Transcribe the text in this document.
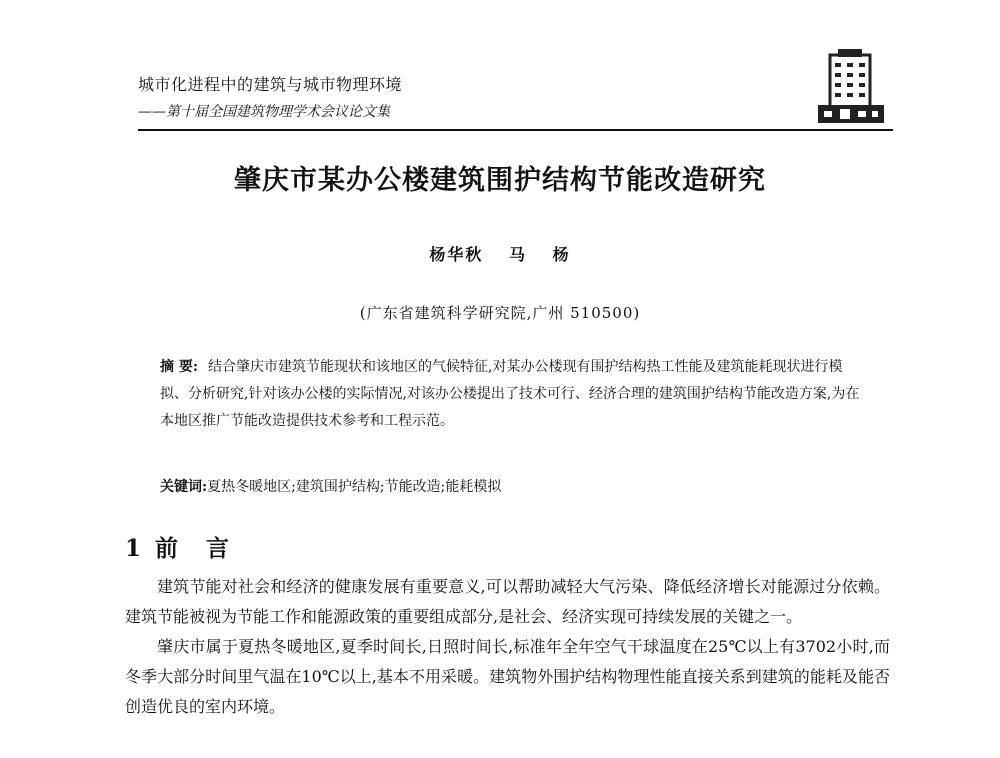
城市化进程中的建筑与城市物理环境
——第十届全国建筑物理学术会议论文集
肇庆市某办公楼建筑围护结构节能改造研究
杨华秋 马 杨
(广东省建筑科学研究院,广州 510500)
摘 要: 结合肇庆市建筑节能现状和该地区的气候特征,对某办公楼现有围护结构热工性能及建筑能耗现状进行模拟、分析研究,针对该办公楼的实际情况,对该办公楼提出了技术可行、经济合理的建筑围护结构节能改造方案,为在本地区推广节能改造提供技术参考和工程示范。
关键词:夏热冬暖地区;建筑围护结构;节能改造;能耗模拟
1 前 言

建筑节能对社会和经济的健康发展有重要意义,可以帮助减轻大气污染、降低经济增长对能源过分依赖。建筑节能被视为节能工作和能源政策的重要组成部分,是社会、经济实现可持续发展的关键之一。

肇庆市属于夏热冬暖地区,夏季时间长,日照时间长,标准年全年空气干球温度在25℃以上有3702小时,而冬季大部分时间里气温在10℃以上,基本不用采暖。建筑物外围护结构物理性能直接关系到建筑的能耗及能否创造优良的室内环境。
